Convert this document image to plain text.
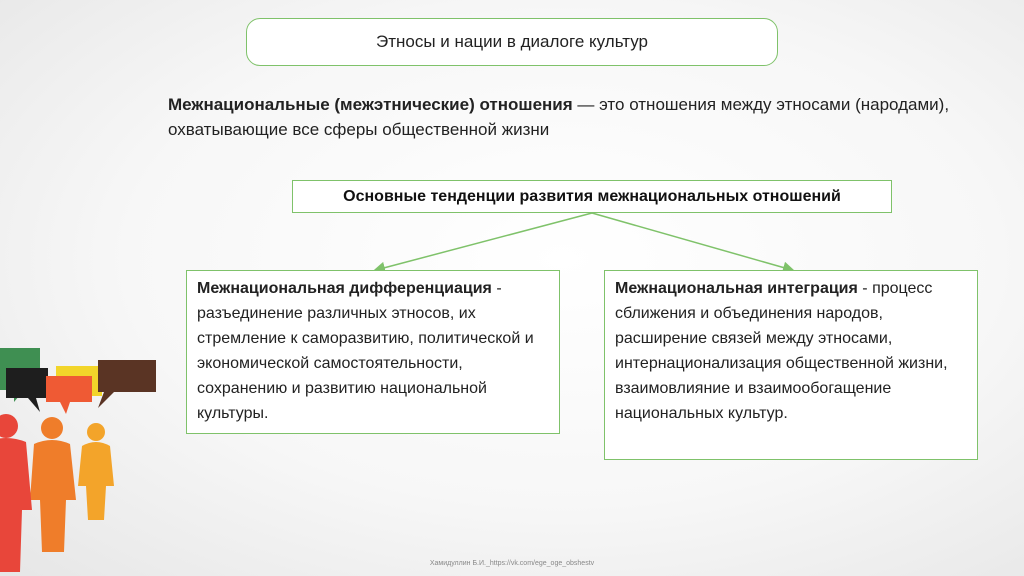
Этносы и нации в диалоге культур
Межнациональные (межэтнические) отношения — это отношения между этносами (народами), охватывающие все сферы общественной жизни
Основные тенденции развития межнациональных отношений
Межнациональная дифференциация - разъединение различных этносов, их стремление к саморазвитию, политической и экономической самостоятельности, сохранению и развитию национальной культуры.
Межнациональная интеграция - процесс сближения и объединения народов, расширение связей между этносами, интернационализация общественной жизни, взаимовлияние и взаимообогащение национальных культур.
Хамидуллин Б.И._https://vk.com/ege_oge_obshestv
